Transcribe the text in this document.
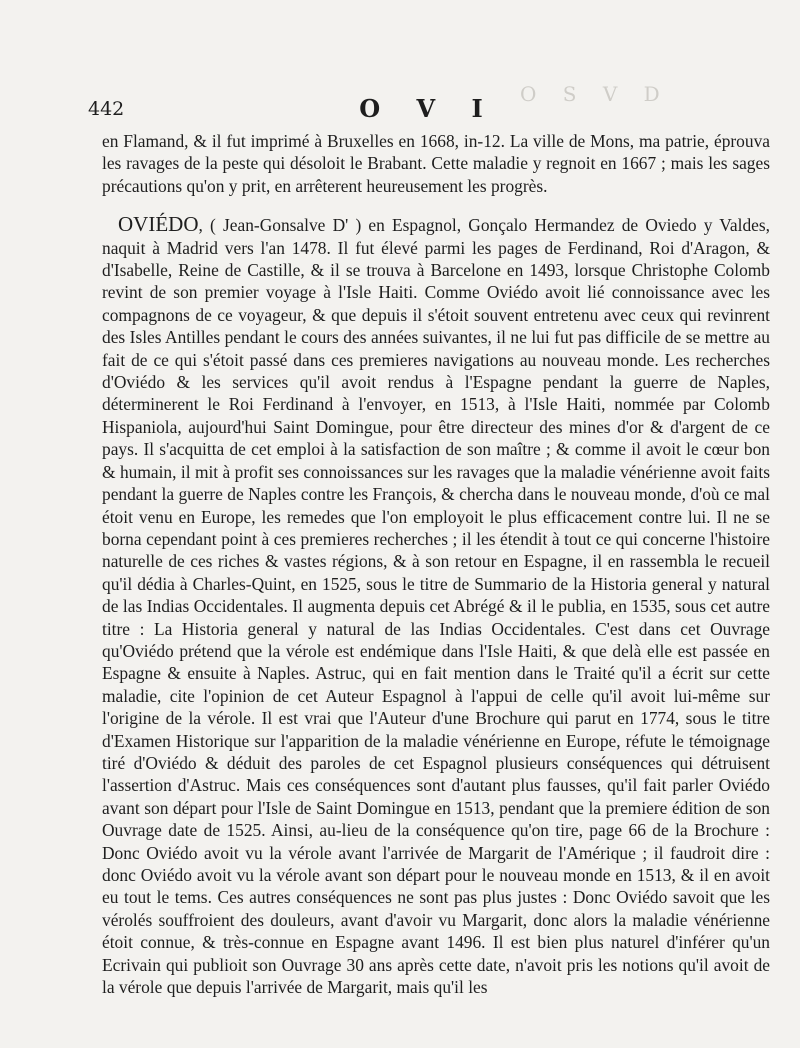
O S V D
442	O V I

en Flamand, & il fut imprimé à Bruxelles en 1668, in-12. La ville de Mons, ma patrie, éprouva les ravages de la peste qui désoloit le Brabant. Cette maladie y regnoit en 1667 ; mais les sages précautions qu'on y prit, en arrêterent heureusement les progrès.

OVIÉDO, ( Jean-Gonsalve D' ) en Espagnol, Gonçalo Hermandez de Oviedo y Valdes, naquit à Madrid vers l'an 1478. Il fut élevé parmi les pages de Ferdinand, Roi d'Aragon, & d'Isabelle, Reine de Castille, & il se trouva à Barcelone en 1493, lorsque Christophe Colomb revint de son premier voyage à l'Isle Haiti. Comme Oviédo avoit lié connoissance avec les compagnons de ce voyageur, & que depuis il s'étoit souvent entretenu avec ceux qui revinrent des Isles Antilles pendant le cours des années suivantes, il ne lui fut pas difficile de se mettre au fait de ce qui s'étoit passé dans ces premieres navigations au nouveau monde. Les recherches d'Oviédo & les services qu'il avoit rendus à l'Espagne pendant la guerre de Naples, déterminerent le Roi Ferdinand à l'envoyer, en 1513, à l'Isle Haiti, nommée par Colomb Hispaniola, aujourd'hui Saint Domingue, pour être directeur des mines d'or & d'argent de ce pays. Il s'acquitta de cet emploi à la satisfaction de son maître ; & comme il avoit le cœur bon & humain, il mit à profit ses connoissances sur les ravages que la maladie vénérienne avoit faits pendant la guerre de Naples contre les François, & chercha dans le nouveau monde, d'où ce mal étoit venu en Europe, les remedes que l'on employoit le plus efficacement contre lui. Il ne se borna cependant point à ces premieres recherches ; il les étendit à tout ce qui concerne l'histoire naturelle de ces riches & vastes régions, & à son retour en Espagne, il en rassembla le recueil qu'il dédia à Charles-Quint, en 1525, sous le titre de Summario de la Historia general y natural de las Indias Occidentales. Il augmenta depuis cet Abrégé & il le publia, en 1535, sous cet autre titre : La Historia general y natural de las Indias Occidentales. C'est dans cet Ouvrage qu'Oviédo prétend que la vérole est endémique dans l'Isle Haiti, & que delà elle est passée en Espagne & ensuite à Naples. Astruc, qui en fait mention dans le Traité qu'il a écrit sur cette maladie, cite l'opinion de cet Auteur Espagnol à l'appui de celle qu'il avoit lui-même sur l'origine de la vérole. Il est vrai que l'Auteur d'une Brochure qui parut en 1774, sous le titre d'Examen Historique sur l'apparition de la maladie vénérienne en Europe, réfute le témoignage tiré d'Oviédo & déduit des paroles de cet Espagnol plusieurs conséquences qui détruisent l'assertion d'Astruc. Mais ces conséquences sont d'autant plus fausses, qu'il fait parler Oviédo avant son départ pour l'Isle de Saint Domingue en 1513, pendant que la premiere édition de son Ouvrage date de 1525. Ainsi, au-lieu de la conséquence qu'on tire, page 66 de la Brochure : Donc Oviédo avoit vu la vérole avant l'arrivée de Margarit de l'Amérique ; il faudroit dire : donc Oviédo avoit vu la vérole avant son départ pour le nouveau monde en 1513, & il en avoit eu tout le tems. Ces autres conséquences ne sont pas plus justes : Donc Oviédo savoit que les vérolés souffroient des douleurs, avant d'avoir vu Margarit, donc alors la maladie vénérienne étoit connue, & très-connue en Espagne avant 1496. Il est bien plus naturel d'inférer qu'un Ecrivain qui publioit son Ouvrage 30 ans après cette date, n'avoit pris les notions qu'il avoit de la vérole que depuis l'arrivée de Margarit, mais qu'il les
